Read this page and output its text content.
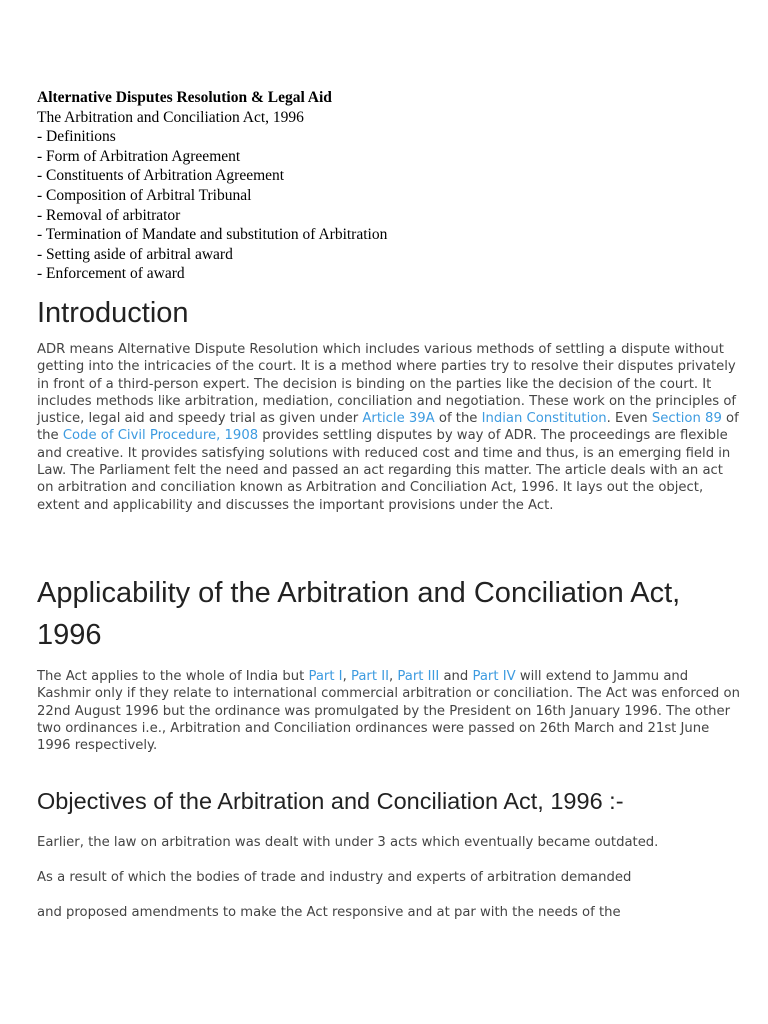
Alternative Disputes Resolution & Legal Aid
The Arbitration and Conciliation Act, 1996
- Definitions
- Form of Arbitration Agreement
- Constituents of Arbitration Agreement
- Composition of Arbitral Tribunal
- Removal of arbitrator
- Termination of Mandate and substitution of Arbitration
- Setting aside of arbitral award
- Enforcement of award
Introduction

ADR means Alternative Dispute Resolution which includes various methods of settling a dispute without getting into the intricacies of the court. It is a method where parties try to resolve their disputes privately in front of a third-person expert. The decision is binding on the parties like the decision of the court. It includes methods like arbitration, mediation, conciliation and negotiation. These work on the principles of justice, legal aid and speedy trial as given under Article 39A of the Indian Constitution. Even Section 89 of the Code of Civil Procedure, 1908 provides settling disputes by way of ADR. The proceedings are flexible and creative. It provides satisfying solutions with reduced cost and time and thus, is an emerging field in Law. The Parliament felt the need and passed an act regarding this matter. The article deals with an act on arbitration and conciliation known as Arbitration and Conciliation Act, 1996. It lays out the object, extent and applicability and discusses the important provisions under the Act.

Applicability of the Arbitration and Conciliation Act, 1996

The Act applies to the whole of India but Part I, Part II, Part III and Part IV will extend to Jammu and Kashmir only if they relate to international commercial arbitration or conciliation. The Act was enforced on 22nd August 1996 but the ordinance was promulgated by the President on 16th January 1996. The other two ordinances i.e., Arbitration and Conciliation ordinances were passed on 26th March and 21st June 1996 respectively.

Objectives of the Arbitration and Conciliation Act, 1996 :-

Earlier, the law on arbitration was dealt with under 3 acts which eventually became outdated.

As a result of which the bodies of trade and industry and experts of arbitration demanded

and proposed amendments to make the Act responsive and at par with the needs of the
